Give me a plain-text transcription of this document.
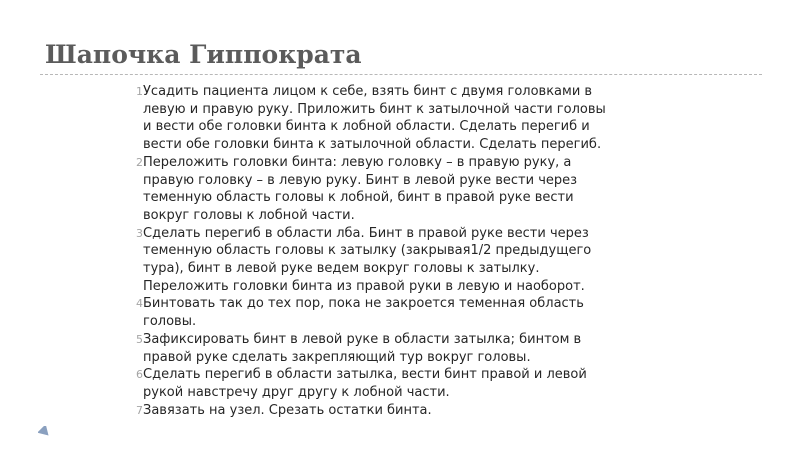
Шапочка Гиппократа
1 Усадить пациента лицом к себе, взять бинт с двумя головками в
левую и правую руку. Приложить бинт к затылочной части головы
и вести обе головки бинта к лобной области. Сделать перегиб и
вести обе головки бинта к затылочной области. Сделать перегиб.
2 Переложить головки бинта: левую головку – в правую руку, а
правую головку – в левую руку. Бинт в левой руке вести через
теменную область головы к лобной, бинт в правой руке вести
вокруг головы к лобной части.
3 Сделать перегиб в области лба. Бинт в правой руке вести через
теменную область головы к затылку (закрывая1/2 предыдущего
тура), бинт в левой руке ведем вокруг головы к затылку.
Переложить головки бинта из правой руки в левую и наоборот.
4 Бинтовать так до тех пор, пока не закроется теменная область
головы.
5 Зафиксировать бинт в левой руке в области затылка; бинтом в
правой руке сделать закрепляющий тур вокруг головы.
6 Сделать перегиб в области затылка, вести бинт правой и левой
рукой навстречу друг другу к лобной части.
7 Завязать на узел. Срезать остатки бинта.
